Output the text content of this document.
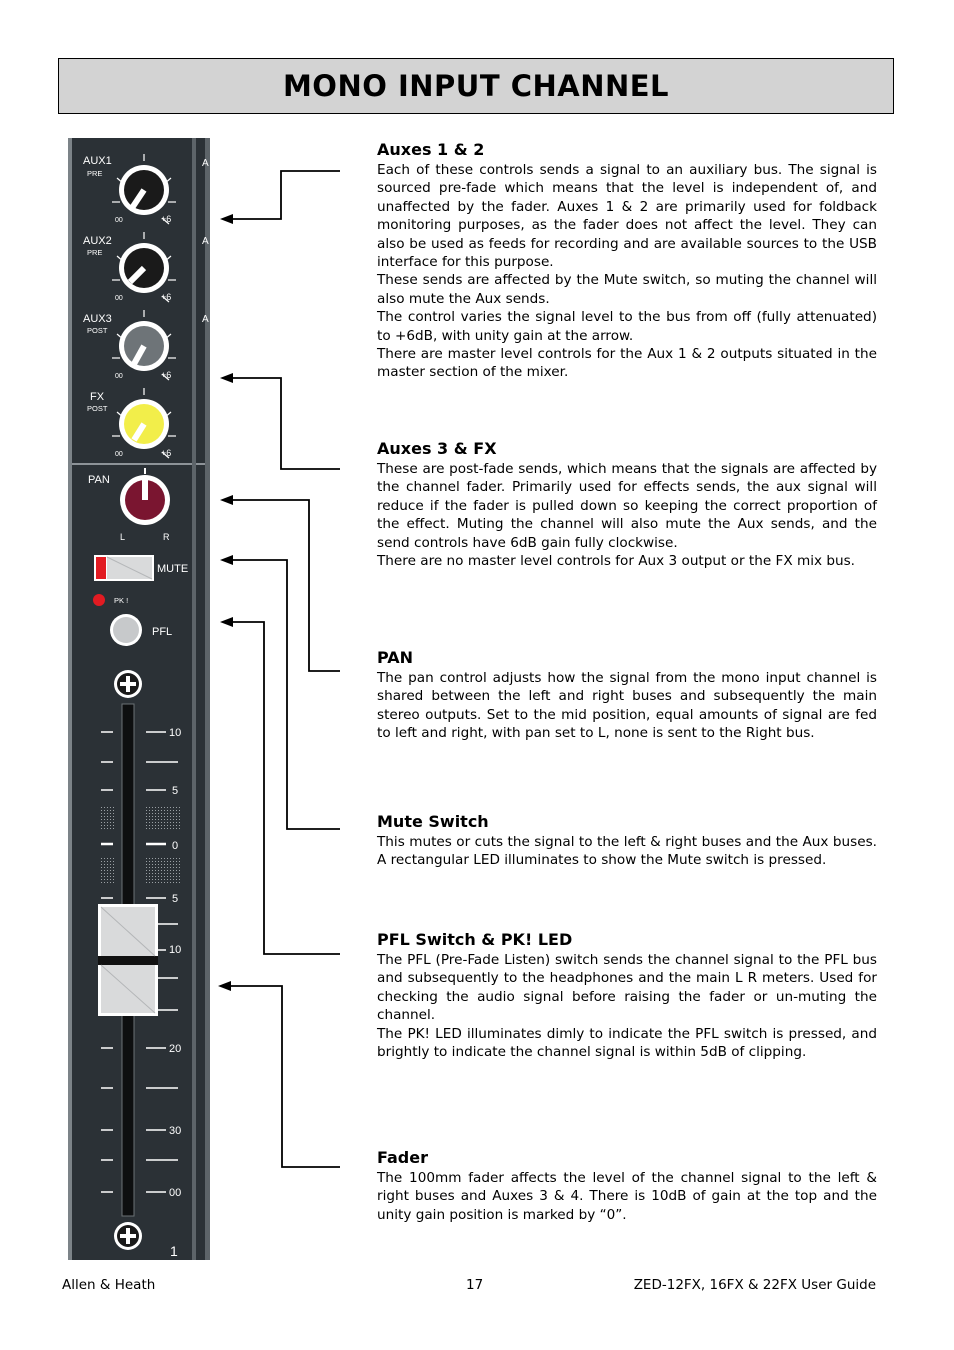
MONO INPUT CHANNEL
A
A
A
AUX1
PRE
00	+6
AUX2
PRE
00	+6
AUX3
POST
00	+6
FX
POST
00	+6
PAN
L	R
MUTE
PK !
PFL
10
5
0
5
10
20
30
00
1
Auxes 1 & 2

Each of these controls sends a signal to an auxiliary bus. The signal is sourced pre-fade which means that the level is independent of, and unaffected by the fader. Auxes 1 & 2 are primarily used for foldback monitoring purposes, as the fader does not affect the level. They can also be used as feeds for recording and are available sources to the USB interface for this purpose.

These sends are affected by the Mute switch, so muting the channel will also mute the Aux sends.

The control varies the signal level to the bus from off (fully attenuated) to +6dB, with unity gain at the arrow.

There are master level controls for the Aux 1 & 2 outputs situated in the master section of the mixer.

Auxes 3 & FX

These are post-fade sends, which means that the signals are affected by the channel fader. Primarily used for effects sends, the aux signal will reduce if the fader is pulled down so keeping the correct proportion of the effect. Muting the channel will also mute the Aux sends, and the send controls have 6dB gain fully clockwise.

There are no master level controls for Aux 3 output or the FX mix bus.

PAN

The pan control adjusts how the signal from the mono input channel is shared between the left and right buses and subsequently the main stereo outputs. Set to the mid position, equal amounts of signal are fed to left and right, with pan set to L, none is sent to the Right bus.

Mute Switch

This mutes or cuts the signal to the left & right buses and the Aux buses. A rectangular LED illuminates to show the Mute switch is pressed.

PFL Switch & PK! LED

The PFL (Pre-Fade Listen) switch sends the channel signal to the PFL bus and subsequently to the headphones and the main L R meters. Used for checking the audio signal before raising the fader or un-muting the channel.

The PK! LED illuminates dimly to indicate the PFL switch is pressed, and brightly to indicate the channel signal is within 5dB of clipping.

Fader

The 100mm fader affects the level of the channel signal to the left & right buses and Auxes 3 & 4. There is 10dB of gain at the top and the unity gain position is marked by “0”.

Allen & Heath	17	ZED-12FX, 16FX & 22FX User Guide
